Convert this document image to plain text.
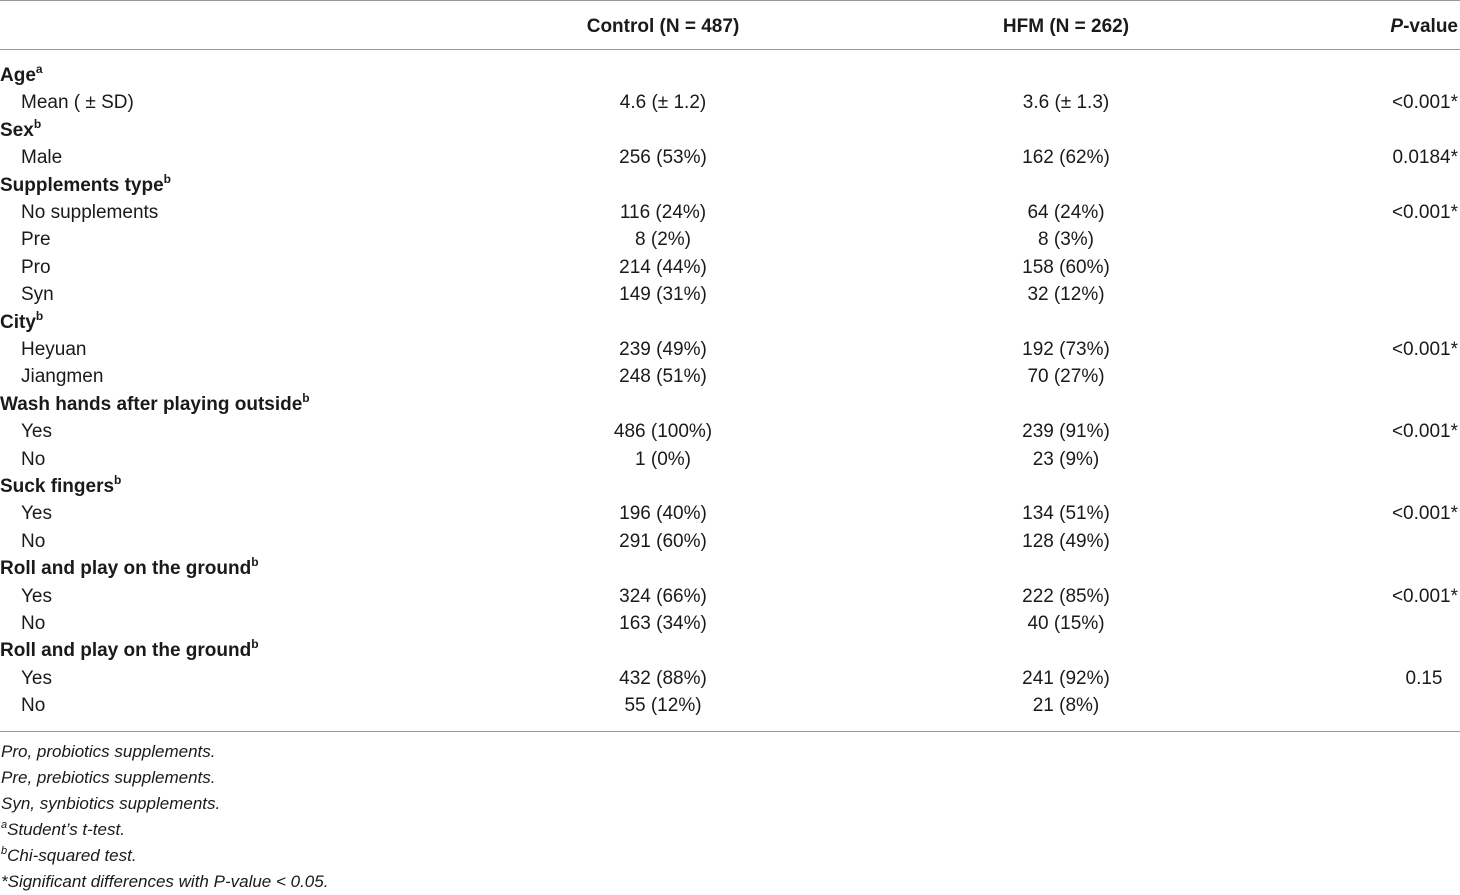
Control (N = 487)	HFM (N = 262)	P-value
Age$^a$
Mean ( ± SD)	4.6 (± 1.2)	3.6 (± 1.3)	<0.001*
Sex$^b$
Male	256 (53%)	162 (62%)	0.0184*
Supplements type$^b$
No supplements	116 (24%)	64 (24%)	<0.001*
Pre	8 (2%)	8 (3%)
Pro	214 (44%)	158 (60%)
Syn	149 (31%)	32 (12%)
City$^b$
Heyuan	239 (49%)	192 (73%)	<0.001*
Jiangmen	248 (51%)	70 (27%)
Wash hands after playing outside$^b$
Yes	486 (100%)	239 (91%)	<0.001*
No	1 (0%)	23 (9%)
Suck fingers$^b$
Yes	196 (40%)	134 (51%)	<0.001*
No	291 (60%)	128 (49%)
Roll and play on the ground$^b$
Yes	324 (66%)	222 (85%)	<0.001*
No	163 (34%)	40 (15%)
Roll and play on the ground$^b$
Yes	432 (88%)	241 (92%)	0.15
No	55 (12%)	21 (8%)
Pro, probiotics supplements.
Pre, prebiotics supplements.
Syn, synbiotics supplements.
$^a$Student’s t-test.
$^b$Chi-squared test.
*Significant differences with P-value < 0.05.
